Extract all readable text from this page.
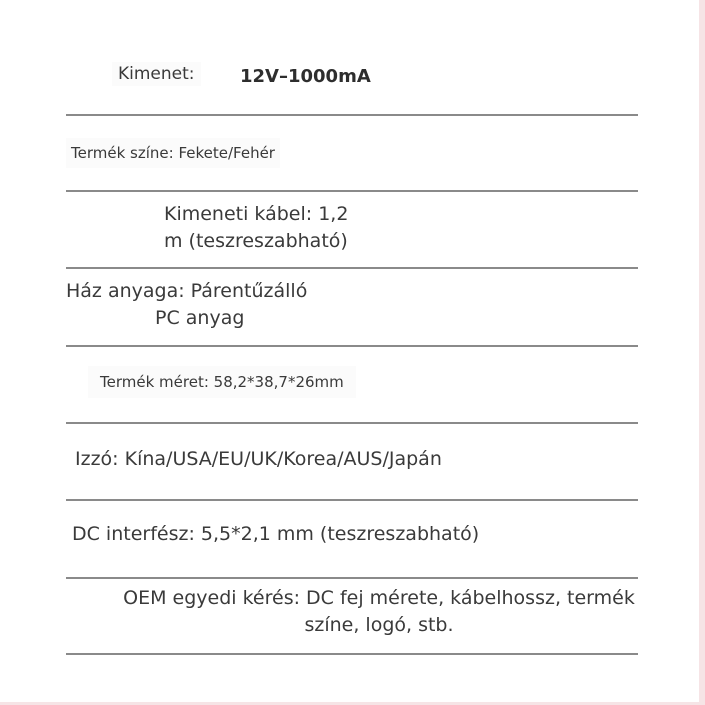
Kimenet:	12V–1000mA
Termék színe: Fekete/Fehér
Kimeneti kábel: 1,2
m (teszreszabható)
Ház anyaga: Párentűzálló
PC anyag
Termék méret: 58,2*38,7*26mm
Izzó: Kína/USA/EU/UK/Korea/AUS/Japán
DC interfész: 5,5*2,1 mm (teszreszabható)
OEM egyedi kérés: DC fej mérete, kábelhossz, termék
színe, logó, stb.
